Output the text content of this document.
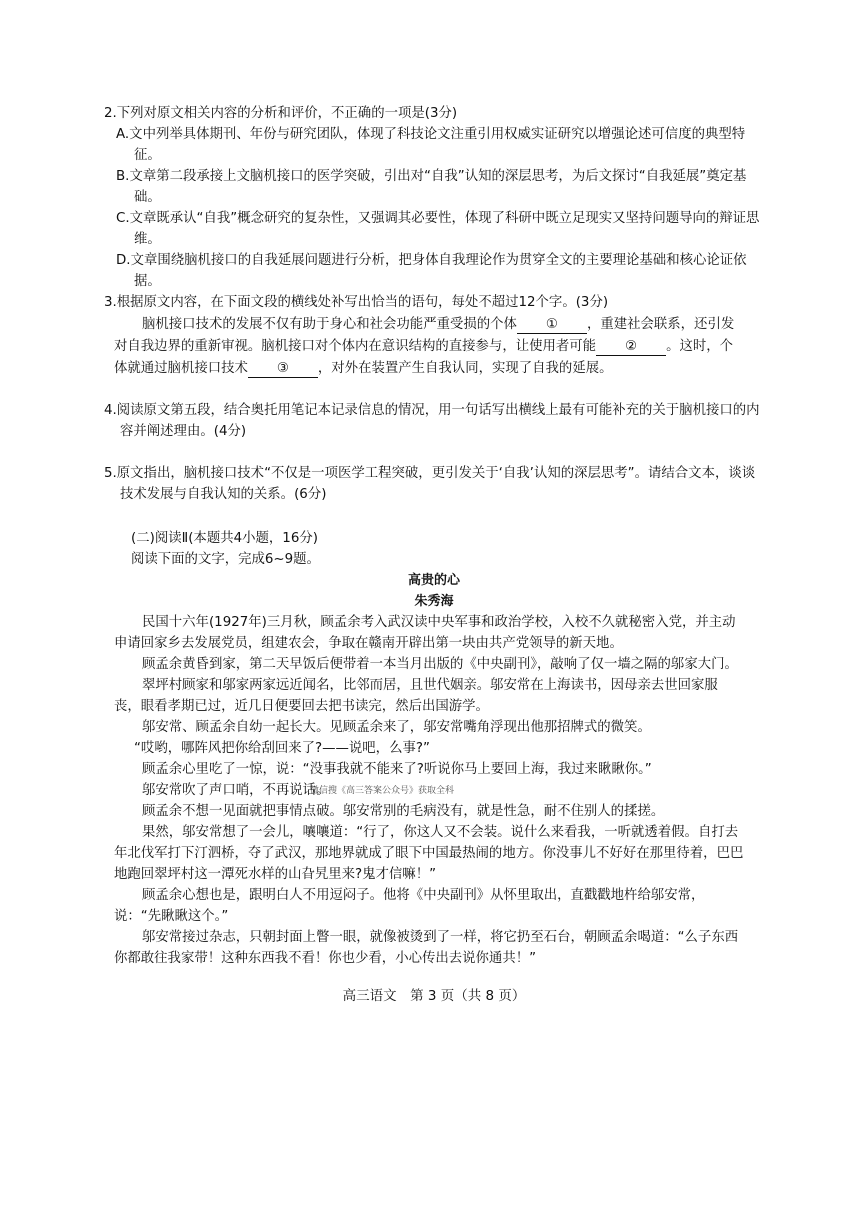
2.下列对原文相关内容的分析和评价，不正确的一项是(3分)
A.文中列举具体期刊、年份与研究团队，体现了科技论文注重引用权威实证研究以增强论述可信度的典型特征。
B.文章第二段承接上文脑机接口的医学突破，引出对“自我”认知的深层思考，为后文探讨“自我延展”奠定基础。
C.文章既承认“自我”概念研究的复杂性，又强调其必要性，体现了科研中既立足现实又坚持问题导向的辩证思维。
D.文章围绕脑机接口的自我延展问题进行分析，把身体自我理论作为贯穿全文的主要理论基础和核心论证依据。
3.根据原文内容，在下面文段的横线处补写出恰当的语句，每处不超过12个字。(3分)
脑机接口技术的发展不仅有助于身心和社会功能严重受损的个体 ① ，重建社会联系，还引发对自我边界的重新审视。脑机接口对个体内在意识结构的直接参与，让使用者可能 ② 。这时，个体就通过脑机接口技术 ③ ，对外在装置产生自我认同，实现了自我的延展。
4.阅读原文第五段，结合奥托用笔记本记录信息的情况，用一句话写出横线上最有可能补充的关于脑机接口的内容并阐述理由。(4分)
5.原文指出，脑机接口技术“不仅是一项医学工程突破，更引发关于‘自我’认知的深层思考”。请结合文本，谈谈技术发展与自我认知的关系。(6分)
(二)阅读Ⅱ(本题共4小题，16分)
阅读下面的文字，完成6~9题。
高贵的心
朱秀海
民国十六年(1927年)三月秋，顾孟余考入武汉读中央军事和政治学校，入校不久就秘密入党，并主动申请回家乡去发展党员，组建农会，争取在赣南开辟出第一块由共产党领导的新天地。
顾孟余黄昏到家，第二天早饭后便带着一本当月出版的《中央副刊》，敲响了仅一墙之隔的邬家大门。
翠坪村顾家和邬家两家远近闻名，比邻而居，且世代姻亲。邬安常在上海读书，因母亲去世回家服丧，眼看孝期已过，近几日便要回去把书读完，然后出国游学。
邬安常、顾孟余自幼一起长大。见顾孟余来了，邬安常嘴角浮现出他那招牌式的微笑。
“哎哟，哪阵风把你给刮回来了?——说吧，么事?”
顾孟余心里吃了一惊，说：“没事我就不能来了?听说你马上要回上海，我过来瞅瞅你。”
邬安常吹了声口哨，不再说话。
微信搜《高三答案公众号》获取全科
顾孟余不想一见面就把事情点破。邬安常别的毛病没有，就是性急，耐不住别人的揉搓。
果然，邬安常想了一会儿，嚷嚷道：“行了，你这人又不会装。说什么来看我，一听就透着假。自打去年北伐军打下汀泗桥，夺了武汉，那地界就成了眼下中国最热闹的地方。你没事儿不好好在那里待着，巴巴地跑回翠坪村这一潭死水样的山旮旯里来?鬼才信嘛！”
顾孟余心想也是，跟明白人不用逗闷子。他将《中央副刊》从怀里取出，直戳戳地杵给邬安常，说：“先瞅瞅这个。”
邬安常接过杂志，只朝封面上瞥一眼，就像被烫到了一样，将它扔至石台，朝顾孟余喝道：“么子东西你都敢往我家带！这种东西我不看！你也少看，小心传出去说你通共！”
高三语文　第 3 页（共 8 页）
